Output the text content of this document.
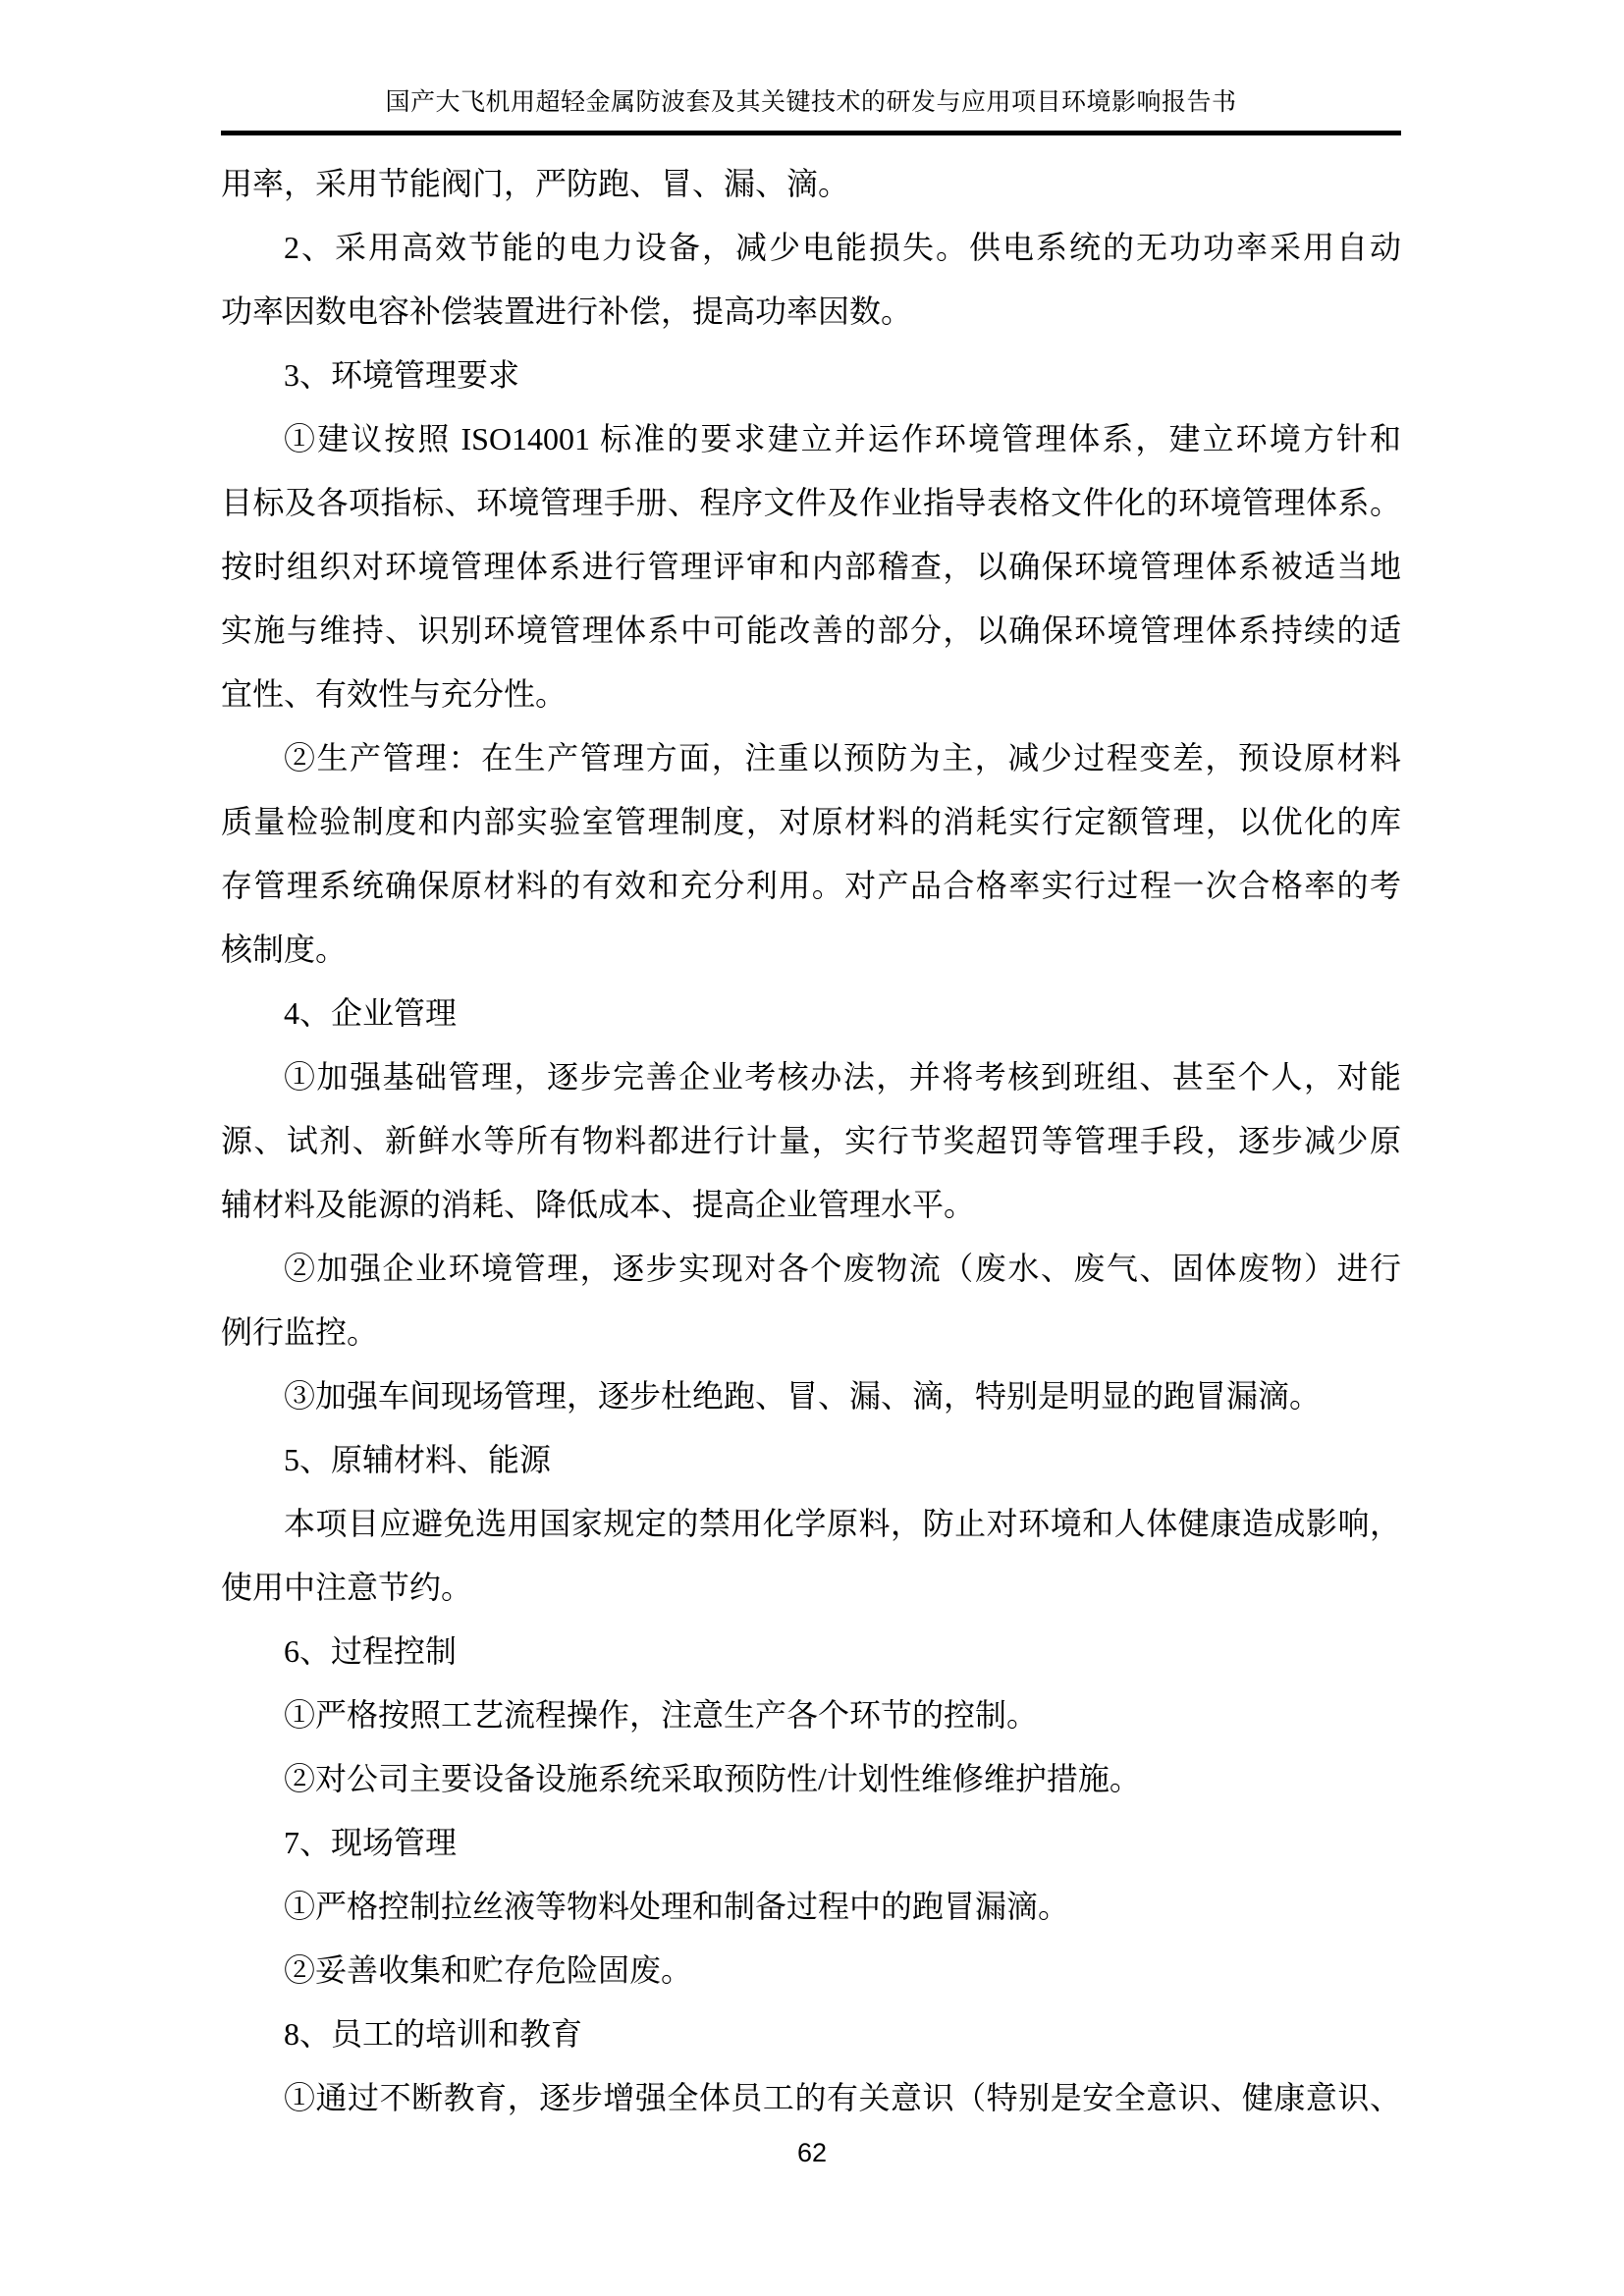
国产大飞机用超轻金属防波套及其关键技术的研发与应用项目环境影响报告书
用率，采用节能阀门，严防跑、冒、漏、滴。
2、采用高效节能的电力设备，减少电能损失。供电系统的无功功率采用自动
功率因数电容补偿装置进行补偿，提高功率因数。
3、环境管理要求
①建议按照 ISO14001 标准的要求建立并运作环境管理体系，建立环境方针和
目标及各项指标、环境管理手册、程序文件及作业指导表格文件化的环境管理体系。
按时组织对环境管理体系进行管理评审和内部稽查，以确保环境管理体系被适当地
实施与维持、识别环境管理体系中可能改善的部分，以确保环境管理体系持续的适
宜性、有效性与充分性。
②生产管理：在生产管理方面，注重以预防为主，减少过程变差，预设原材料
质量检验制度和内部实验室管理制度，对原材料的消耗实行定额管理，以优化的库
存管理系统确保原材料的有效和充分利用。对产品合格率实行过程一次合格率的考
核制度。
4、企业管理
①加强基础管理，逐步完善企业考核办法，并将考核到班组、甚至个人，对能
源、试剂、新鲜水等所有物料都进行计量，实行节奖超罚等管理手段，逐步减少原
辅材料及能源的消耗、降低成本、提高企业管理水平。
②加强企业环境管理，逐步实现对各个废物流（废水、废气、固体废物）进行
例行监控。
③加强车间现场管理，逐步杜绝跑、冒、漏、滴，特别是明显的跑冒漏滴。
5、原辅材料、能源
本项目应避免选用国家规定的禁用化学原料，防止对环境和人体健康造成影响，
使用中注意节约。
6、过程控制
①严格按照工艺流程操作，注意生产各个环节的控制。
②对公司主要设备设施系统采取预防性/计划性维修维护措施。
7、现场管理
①严格控制拉丝液等物料处理和制备过程中的跑冒漏滴。
②妥善收集和贮存危险固废。
8、员工的培训和教育
①通过不断教育，逐步增强全体员工的有关意识（特别是安全意识、健康意识、
62
